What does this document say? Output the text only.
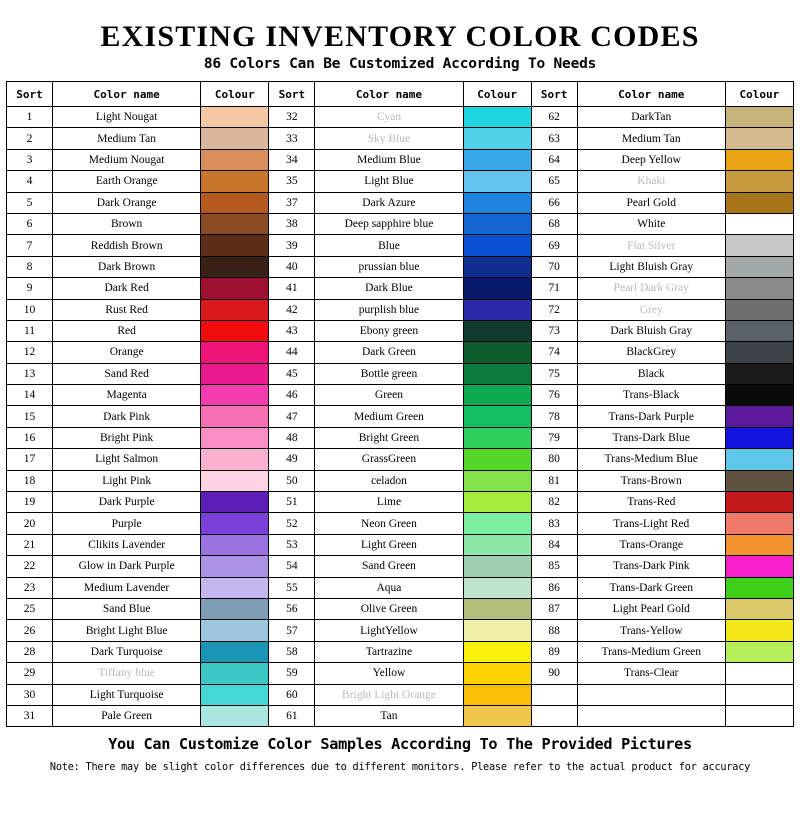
EXISTING INVENTORY COLOR CODES
86 Colors Can Be Customized According To Needs
Sort	Color name	Colour	Sort	Color name	Colour	Sort	Color name	Colour
1	Light Nougat		32	Cyan		62	DarkTan	
2	Medium Tan		33	Sky Blue		63	Medium Tan	
3	Medium Nougat		34	Medium Blue		64	Deep Yellow	
4	Earth Orange		35	Light Blue		65	Khaki	
5	Dark Orange		37	Dark Azure		66	Pearl Gold	
6	Brown		38	Deep sapphire blue		68	White	
7	Reddish Brown		39	Blue		69	Flat Silver	
8	Dark Brown		40	prussian blue		70	Light Bluish Gray	
9	Dark Red		41	Dark Blue		71	Pearl Dark Gray	
10	Rust Red		42	purplish blue		72	Grey	
11	Red		43	Ebony green		73	Dark Bluish Gray	
12	Orange		44	Dark Green		74	BlackGrey	
13	Sand Red		45	Bottle green		75	Black	
14	Magenta		46	Green		76	Trans-Black	
15	Dark Pink		47	Medium Green		78	Trans-Dark Purple	
16	Bright Pink		48	Bright Green		79	Trans-Dark Blue	
17	Light Salmon		49	GrassGreen		80	Trans-Medium Blue	
18	Light Pink		50	celadon		81	Trans-Brown	
19	Dark Purple		51	Lime		82	Trans-Red	
20	Purple		52	Neon Green		83	Trans-Light Red	
21	Clikits Lavender		53	Light Green		84	Trans-Orange	
22	Glow in Dark Purple		54	Sand Green		85	Trans-Dark Pink	
23	Medium Lavender		55	Aqua		86	Trans-Dark Green	
25	Sand Blue		56	Olive Green		87	Light Pearl Gold	
26	Bright Light Blue		57	LightYellow		88	Trans-Yellow	
28	Dark Turquoise		58	Tartrazine		89	Trans-Medium Green	
29	Tiffany blue		59	Yellow		90	Trans-Clear	
30	Light Turquoise		60	Bright Light Orange				
31	Pale Green		61	Tan				
You Can Customize Color Samples According To The Provided Pictures
Note: There may be slight color differences due to different monitors. Please refer to the actual product for accuracy
